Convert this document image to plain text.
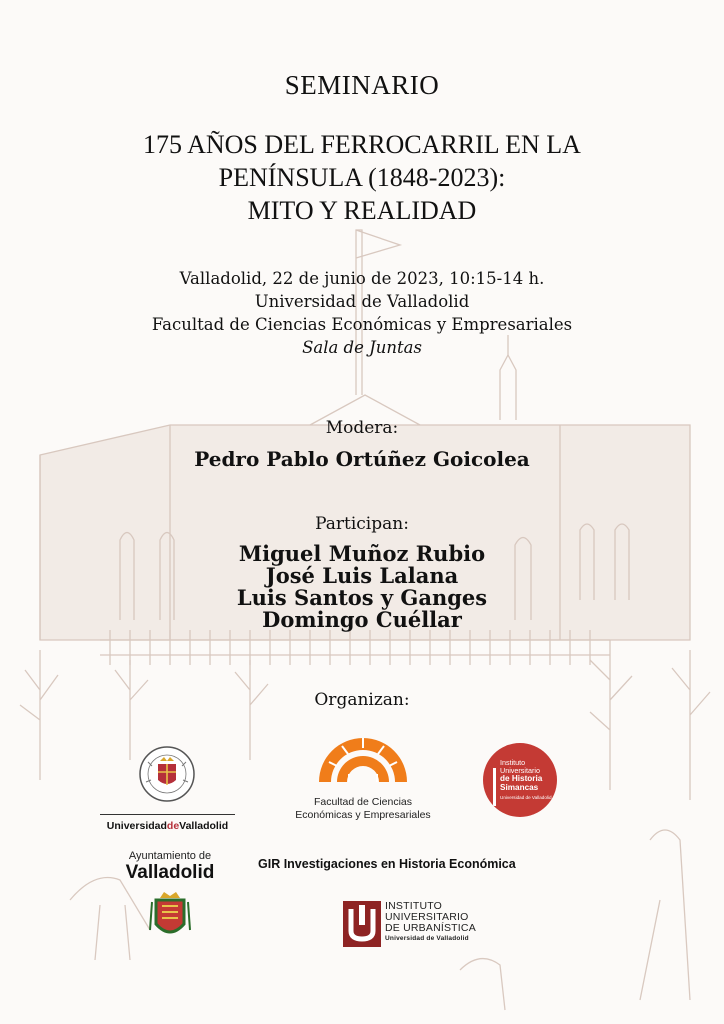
SEMINARIO
175 AÑOS DEL FERROCARRIL EN LA
PENÍNSULA (1848-2023):
MITO Y REALIDAD
Valladolid, 22 de junio de 2023, 10:15-14 h.
Universidad de Valladolid
Facultad de Ciencias Económicas y Empresariales
Sala de Juntas
Modera:
Pedro Pablo Ortúñez Goicolea
Participan:
Miguel Muñoz Rubio
José Luis Lalana
Luis Santos y Ganges
Domingo Cuéllar
Organizan:
UniversidaddeValladolid
Facultad de Ciencias
Económicas y Empresariales
Instituto
Universitario
de Historia
Simancas
Universidad de Valladolid
Ayuntamiento de
Valladolid	GIR Investigaciones en Historia Económica
INSTITUTO
UNIVERSITARIO
DE URBANÍSTICA
Universidad de Valladolid
